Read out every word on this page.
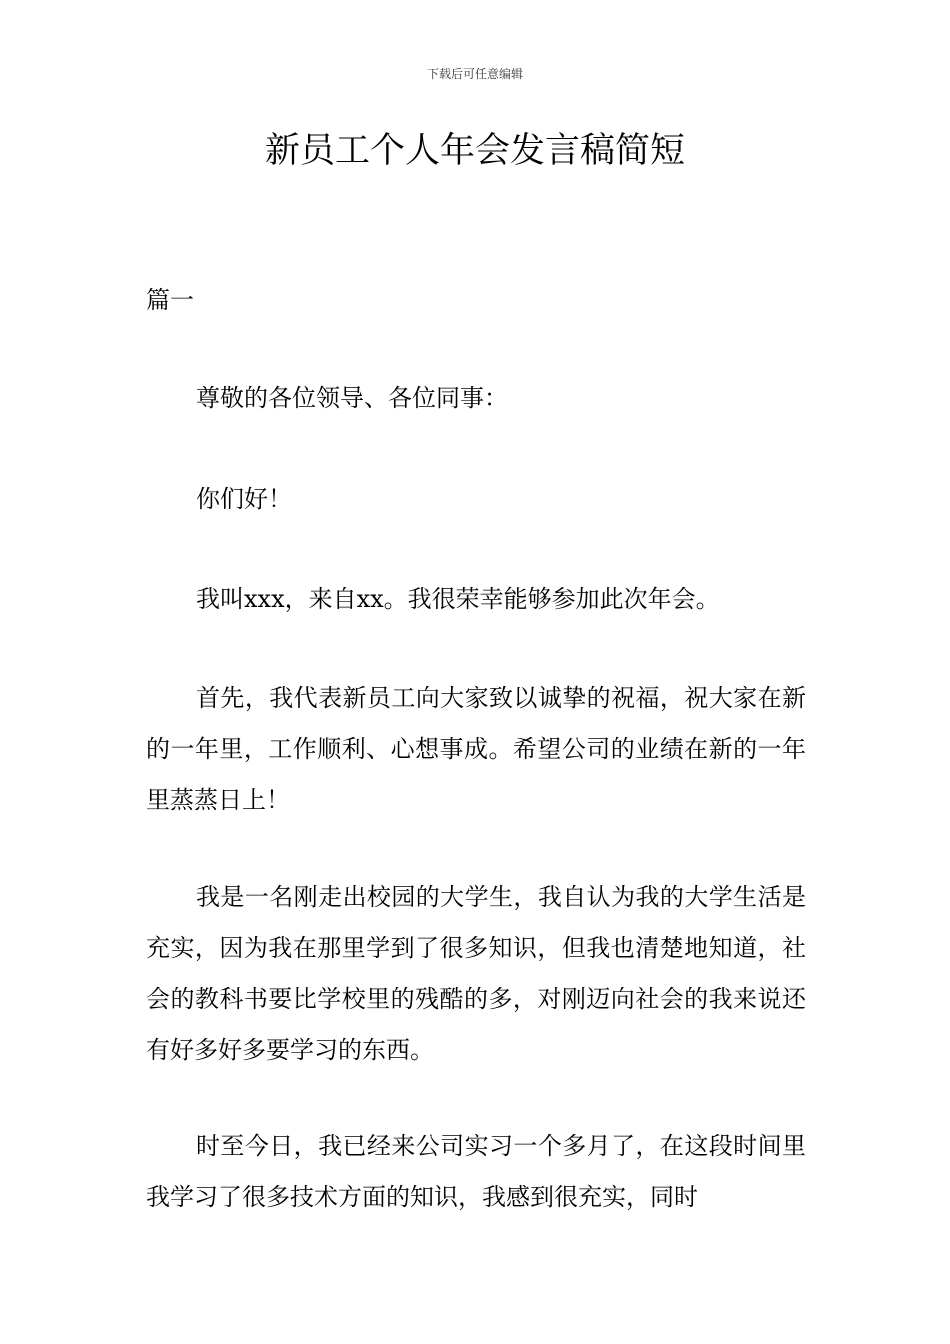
下载后可任意编辑
新员工个人年会发言稿简短
篇一

尊敬的各位领导、各位同事：

你们好！

我叫xxx，来自xx。我很荣幸能够参加此次年会。

首先，我代表新员工向大家致以诚挚的祝福，祝大家在新的一年里，工作顺利、心想事成。希望公司的业绩在新的一年里蒸蒸日上！

我是一名刚走出校园的大学生，我自认为我的大学生活是充实，因为我在那里学到了很多知识，但我也清楚地知道，社会的教科书要比学校里的残酷的多，对刚迈向社会的我来说还有好多好多要学习的东西。

时至今日，我已经来公司实习一个多月了，在这段时间里我学习了很多技术方面的知识，我感到很充实，同时
